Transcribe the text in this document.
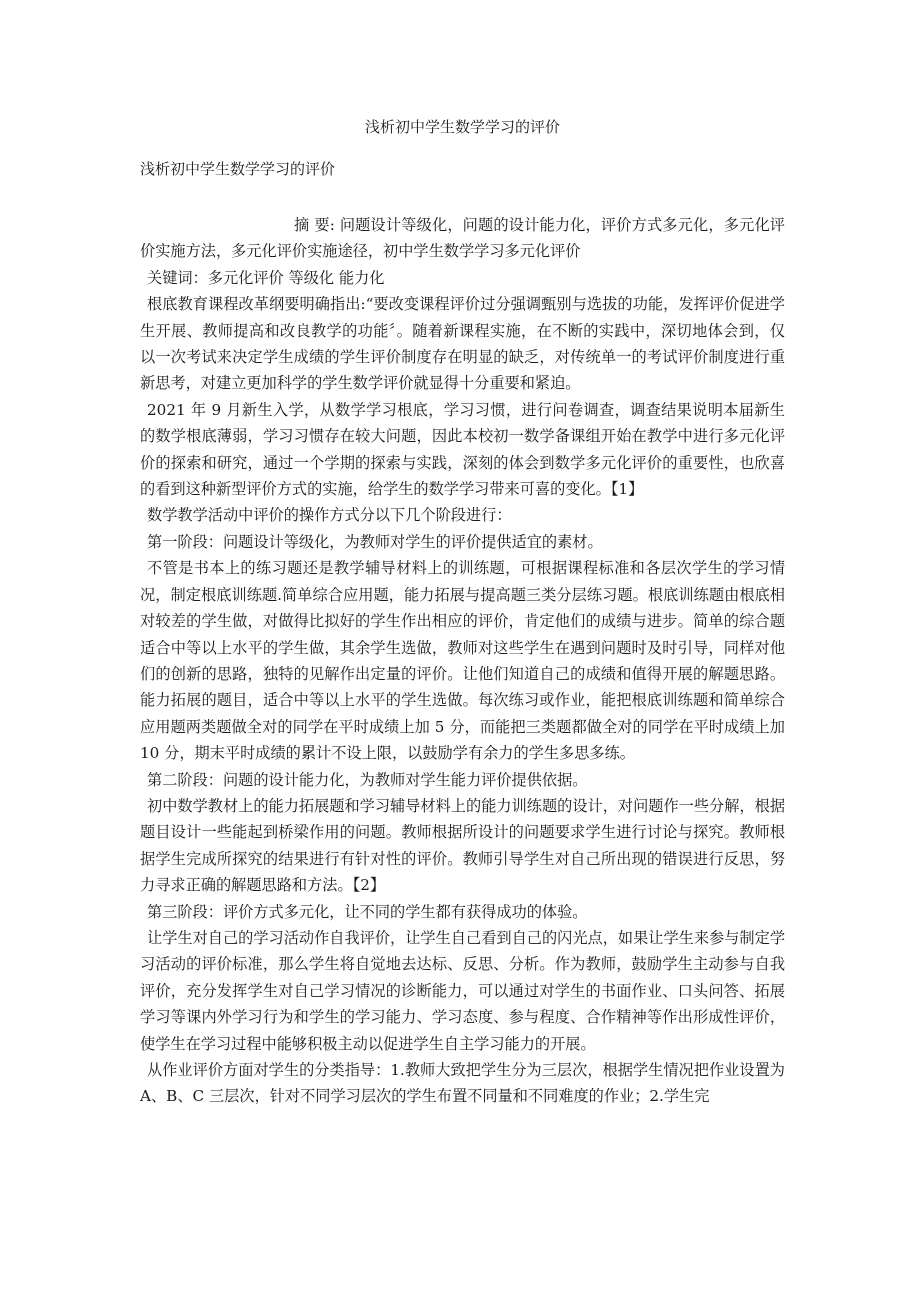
浅析初中学生数学学习的评价
浅析初中学生数学学习的评价

摘 要: 问题设计等级化，问题的设计能力化，评价方式多元化，多元化评价实施方法，多元化评价实施途径，初中学生数学学习多元化评价

关键词：多元化评价 等级化 能力化

根底教育课程改革纲要明确指出:“要改变课程评价过分强调甄别与选拔的功能，发挥评价促进学生开展、教师提高和改良教学的功能〞。随着新课程实施，在不断的实践中，深切地体会到，仅以一次考试来决定学生成绩的学生评价制度存在明显的缺乏，对传统单一的考试评价制度进行重新思考，对建立更加科学的学生数学评价就显得十分重要和紧迫。

2021 年 9 月新生入学，从数学学习根底，学习习惯，进行问卷调查，调查结果说明本届新生的数学根底薄弱，学习习惯存在较大问题，因此本校初一数学备课组开始在教学中进行多元化评价的探索和研究，通过一个学期的探索与实践，深刻的体会到数学多元化评价的重要性，也欣喜的看到这种新型评价方式的实施，给学生的数学学习带来可喜的变化。【1】

数学教学活动中评价的操作方式分以下几个阶段进行：

第一阶段：问题设计等级化，为教师对学生的评价提供适宜的素材。

不管是书本上的练习题还是教学辅导材料上的训练题，可根据课程标准和各层次学生的学习情况，制定根底训练题.简单综合应用题，能力拓展与提高题三类分层练习题。根底训练题由根底相对较差的学生做，对做得比拟好的学生作出相应的评价，肯定他们的成绩与进步。简单的综合题适合中等以上水平的学生做，其余学生选做，教师对这些学生在遇到问题时及时引导，同样对他们的创新的思路，独特的见解作出定量的评价。让他们知道自己的成绩和值得开展的解题思路。能力拓展的题目，适合中等以上水平的学生选做。每次练习或作业，能把根底训练题和简单综合应用题两类题做全对的同学在平时成绩上加 5 分，而能把三类题都做全对的同学在平时成绩上加 10 分，期末平时成绩的累计不设上限，以鼓励学有余力的学生多思多练。

第二阶段：问题的设计能力化，为教师对学生能力评价提供依据。

初中数学教材上的能力拓展题和学习辅导材料上的能力训练题的设计，对问题作一些分解，根据题目设计一些能起到桥梁作用的问题。教师根据所设计的问题要求学生进行讨论与探究。教师根据学生完成所探究的结果进行有针对性的评价。教师引导学生对自己所出现的错误进行反思，努力寻求正确的解题思路和方法。【2】

第三阶段：评价方式多元化，让不同的学生都有获得成功的体验。

让学生对自己的学习活动作自我评价，让学生自己看到自己的闪光点，如果让学生来参与制定学习活动的评价标准，那么学生将自觉地去达标、反思、分析。作为教师，鼓励学生主动参与自我评价，充分发挥学生对自己学习情况的诊断能力，可以通过对学生的书面作业、口头问答、拓展学习等课内外学习行为和学生的学习能力、学习态度、参与程度、合作精神等作出形成性评价，使学生在学习过程中能够积极主动以促进学生自主学习能力的开展。

从作业评价方面对学生的分类指导：1.教师大致把学生分为三层次，根据学生情况把作业设置为 A、B、C 三层次，针对不同学习层次的学生布置不同量和不同难度的作业；2.学生完
